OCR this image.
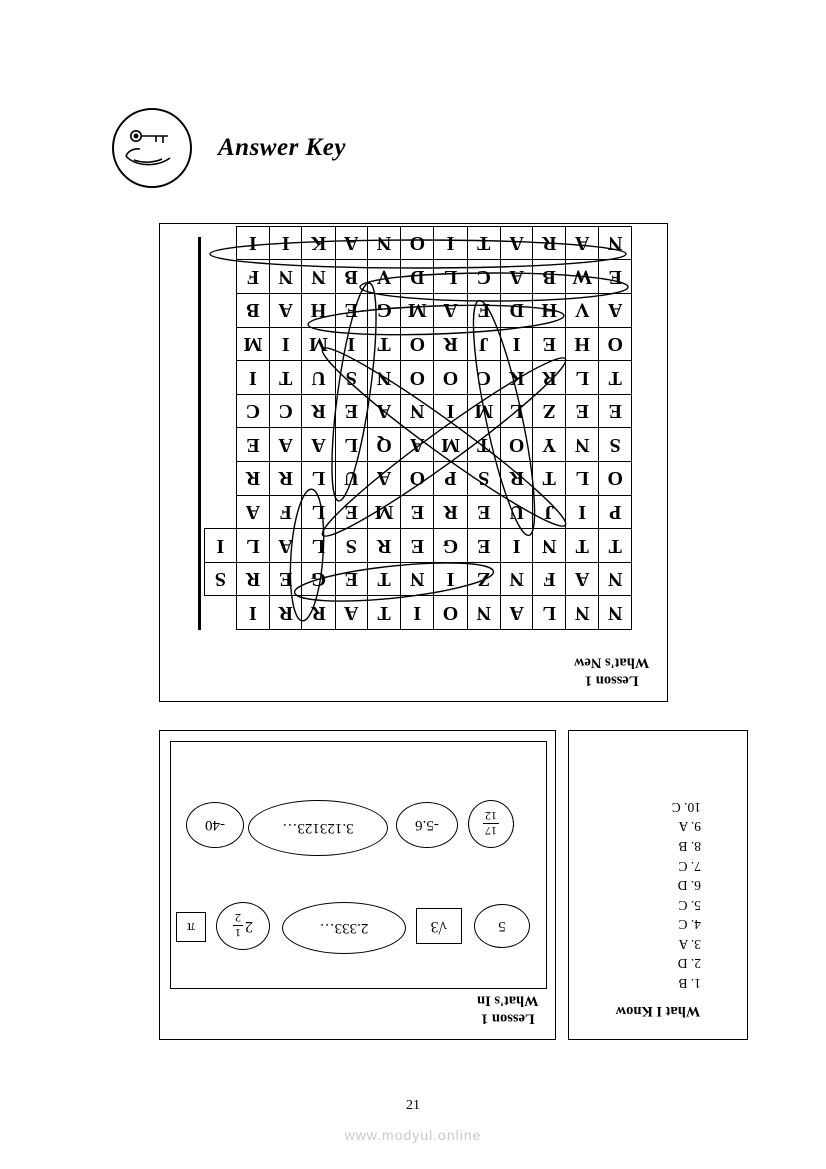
Answer Key
N	N	L	A	N	O	I	T	A	R	R	I	
N	A	F	N	Z	I	N	T	E	G	E	R	S
T	T	N	I	E	G	E	R	S	L	A	L	I
P	I	J	U	E	R	E	M	E	L	F	A	
O	L	T	R	S	P	O	A	U	L	R	R	
S	N	Y	O	T	M	A	Q	L	A	A	E	
E	E	Z	L	M	I	N	A	E	R	C	C	
T	L	R	K	C	O	O	N	S	U	T	I	
O	H	E	I	J	R	O	T	I	M	I	M	
A	V	H	D	F	A	M	G	E	H	A	B	
E	W	B	A	C	L	D	V	B	N	N	F	
N	A	R	A	T	I	O	N	A	K	I	I	
Lesson 1
What's New
5
√3
2.333…
2
1
2
π
17
12
-5.6
3.123123…
-40
Lesson 1
What's In
What I Know
1. B
2. D
3. A
4. C
5. C
6. D
7. C
8. B
9. A
10. C
21
www.modyul.online
